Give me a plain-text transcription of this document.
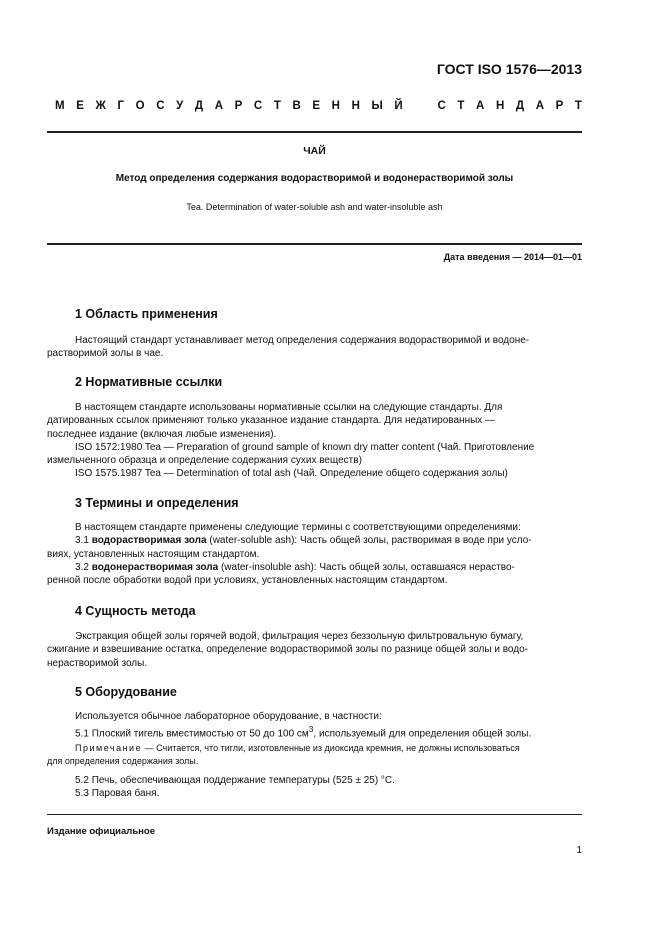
ГОСТ ISO 1576—2013
М Е Ж Г О С У Д А Р С Т В Е Н Н Ы Й	С Т А Н Д А Р Т
ЧАЙ
Метод определения содержания водорастворимой и водонерастворимой золы
Tea. Determination of water-soluble ash and water-insoluble ash
Дата введения — 2014—01—01

1 Область применения

Настоящий стандарт устанавливает метод определения содержания водорастворимой и водоне-

растворимой золы в чае.

2 Нормативные ссылки

В настоящем стандарте использованы нормативные ссылки на следующие стандарты. Для

датированных ссылок применяют только указанное издание стандарта. Для недатированных —

последнее издание (включая любые изменения).

ISO 1572:1980 Tea — Preparation of ground sample of known dry matter content (Чай. Приготовление

измельченного образца и определение содержания сухих веществ)

ISO 1575.1987 Tea — Determination of total ash (Чай. Определение общего содержания золы)

3 Термины и определения

В настоящем стандарте применены следующие термины с соответствующими определениями:

3.1 водорастворимая зола (water-soluble ash): Часть общей золы, растворимая в воде при усло-

виях, установленных настоящим стандартом.

3.2 водонерастворимая зола (water-insoluble ash): Часть общей золы, оставшаяся нераство-

ренной после обработки водой при условиях, установленных настоящим стандартом.

4 Сущность метода

Экстракция общей золы горячей водой, фильтрация через беззольную фильтровальную бумагу,

сжигание и взвешивание остатка, определение водорастворимой золы по разнице общей золы и водо-

нерастворимой золы.

5 Оборудование

Используется обычное лабораторное оборудование, в частности:

5.1 Плоский тигель вместимостью от 50 до 100 $см^3$, используемый для определения общей золы.

Примечание — Считается, что тигли, изготовленные из диоксида кремния, не должны использоваться

для определения содержания золы.

5.2 Печь, обеспечивающая поддержание температуры (525 ± 25) °C.

5.3 Паровая баня.

Издание официальное
1
